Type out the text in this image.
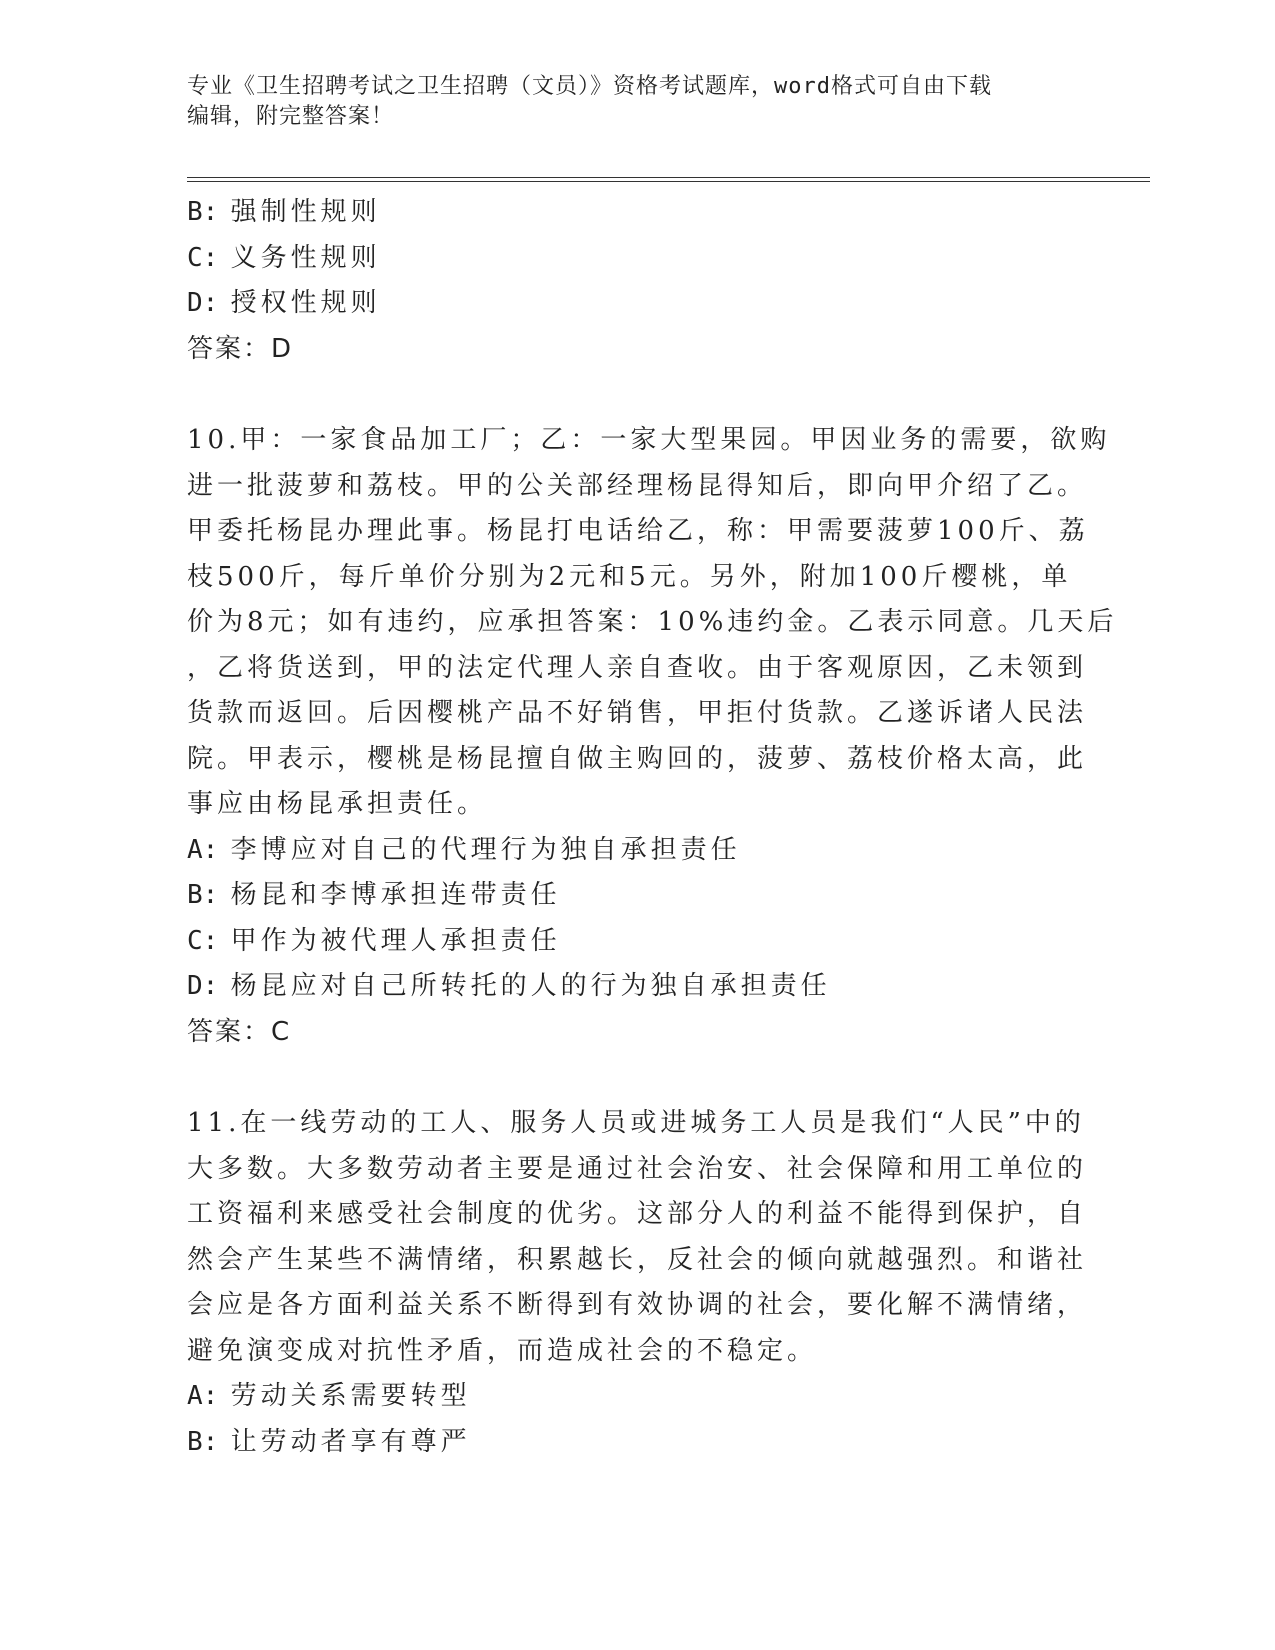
专业《卫生招聘考试之卫生招聘（文员）》资格考试题库，word格式可自由下载
编辑，附完整答案！
B: 强制性规则
C: 义务性规则
D: 授权性规则
答案：D
10.甲：一家食品加工厂；乙：一家大型果园。甲因业务的需要，欲购
进一批菠萝和荔枝。甲的公关部经理杨昆得知后，即向甲介绍了乙。
甲委托杨昆办理此事。杨昆打电话给乙，称：甲需要菠萝100斤、荔
枝500斤，每斤单价分别为2元和5元。另外，附加100斤樱桃，单
价为8元；如有违约，应承担答案：10%违约金。乙表示同意。几天后
，乙将货送到，甲的法定代理人亲自查收。由于客观原因，乙未领到
货款而返回。后因樱桃产品不好销售，甲拒付货款。乙遂诉诸人民法
院。甲表示，樱桃是杨昆擅自做主购回的，菠萝、荔枝价格太高，此
事应由杨昆承担责任。
A: 李博应对自己的代理行为独自承担责任
B: 杨昆和李博承担连带责任
C: 甲作为被代理人承担责任
D: 杨昆应对自己所转托的人的行为独自承担责任
答案：C
11.在一线劳动的工人、服务人员或进城务工人员是我们“人民”中的
大多数。大多数劳动者主要是通过社会治安、社会保障和用工单位的
工资福利来感受社会制度的优劣。这部分人的利益不能得到保护，自
然会产生某些不满情绪，积累越长，反社会的倾向就越强烈。和谐社
会应是各方面利益关系不断得到有效协调的社会，要化解不满情绪，
避免演变成对抗性矛盾，而造成社会的不稳定。
A: 劳动关系需要转型
B: 让劳动者享有尊严
